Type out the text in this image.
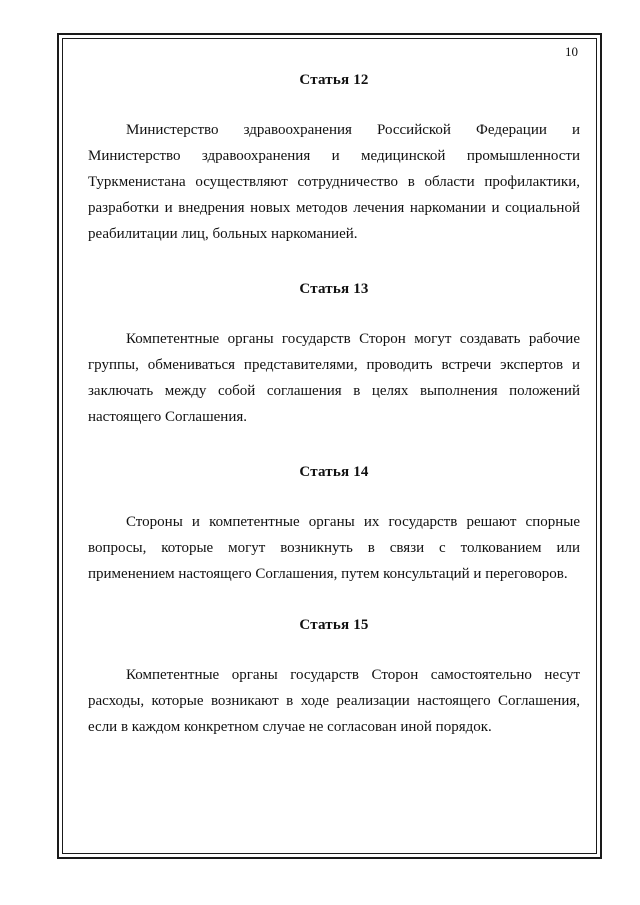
10
Статья 12

Министерство здравоохранения Российской Федерации и Министерство здравоохранения и медицинской промышленности Туркменистана осуществляют сотрудничество в области профилактики, разработки и внедрения новых методов лечения наркомании и социальной реабилитации лиц, больных наркоманией.

Статья 13

Компетентные органы государств Сторон могут создавать рабочие группы, обмениваться представителями, проводить встречи экспертов и заключать между собой соглашения в целях выполнения положений настоящего Соглашения.

Статья 14

Стороны и компетентные органы их государств решают спорные вопросы, которые могут возникнуть в связи с толкованием или применением настоящего Соглашения, путем консультаций и переговоров.

Статья 15

Компетентные органы государств Сторон самостоятельно несут расходы, которые возникают в ходе реализации настоящего Соглашения, если в каждом конкретном случае не согласован иной порядок.
